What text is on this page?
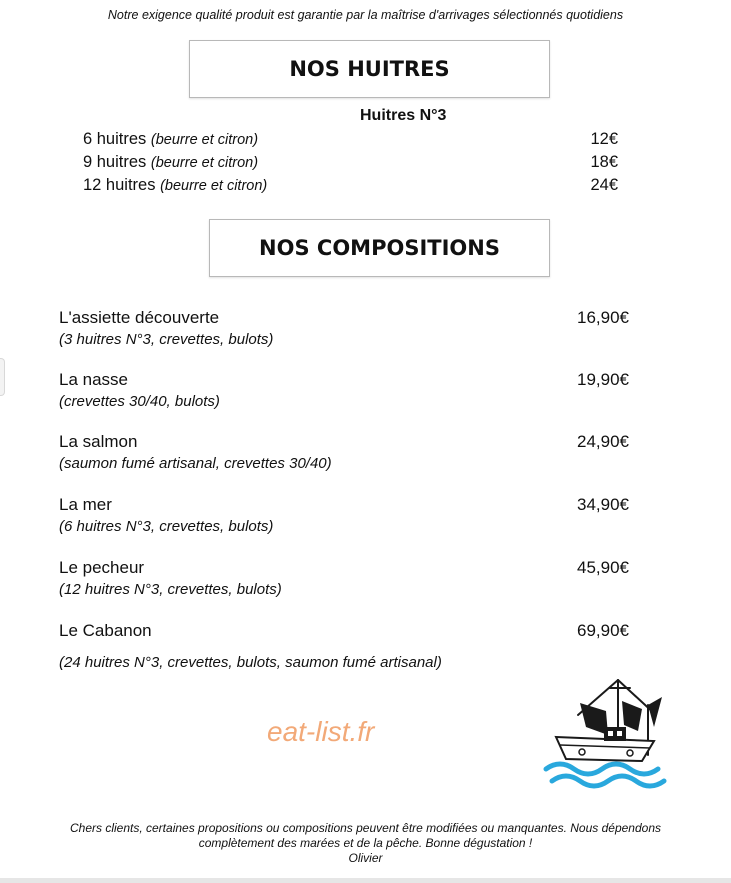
Notre exigence qualité produit est garantie par la maîtrise d'arrivages sélectionnés quotidiens
NOS HUITRES
Huitres N°3
6 huitres (beurre et citron)	12€
9 huitres (beurre et citron)	18€
12 huitres (beurre et citron)	24€
NOS COMPOSITIONS
L'assiette découverte	16,90€
(3 huitres N°3, crevettes, bulots)
La nasse	19,90€
(crevettes 30/40, bulots)
La salmon	24,90€
(saumon fumé artisanal, crevettes 30/40)
La mer	34,90€
(6 huitres N°3, crevettes, bulots)
Le pecheur	45,90€
(12 huitres N°3, crevettes, bulots)
Le Cabanon	69,90€
(24 huitres N°3, crevettes, bulots, saumon fumé artisanal)
eat-list.fr
Chers clients, certaines propositions ou compositions peuvent être modifiées ou manquantes. Nous dépendons
complètement des marées et de la pêche. Bonne dégustation !
Olivier
